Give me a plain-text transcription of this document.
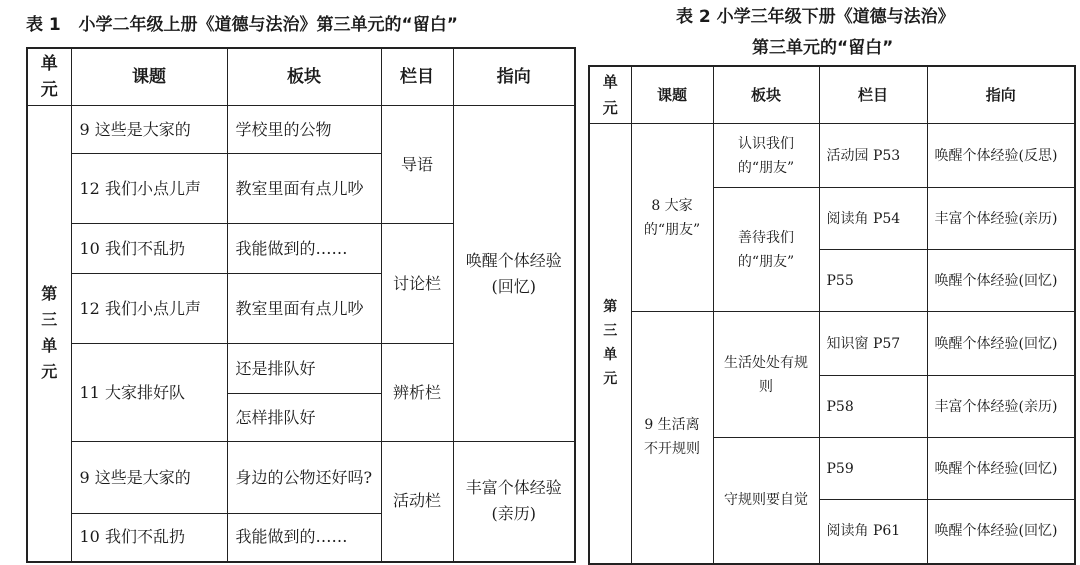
表 1 小学二年级上册《道德与法治》第三单元的“留白”
单元	课题	板块	栏目	指向

第
三
单
元	9 这些是大家的	学校里的公物	导语	唤醒个体经验(回忆)
	12 我们小点儿声	教室里面有点儿吵		
	10 我们不乱扔	我能做到的……	讨论栏	
	12 我们小点儿声	教室里面有点儿吵		
	11 大家排好队	还是排队好	辨析栏	
		怎样排队好		
	9 这些是大家的	身边的公物还好吗?	活动栏	丰富个体经验(亲历)
	10 我们不乱扔	我能做到的……		
表 2 小学三年级下册《道德与法治》
第三单元的“留白”
单元	课题	板块	栏目	指向

第
三
单
元	8 大家的“朋友”	认识我们的“朋友”	活动园 P53	唤醒个体经验(反思)
		善待我们的“朋友”	阅读角 P54	丰富个体经验(亲历)
			P55	唤醒个体经验(回忆)
	9 生活离不开规则	生活处处有规则	知识窗 P57	唤醒个体经验(回忆)
			P58	丰富个体经验(亲历)
		守规则要自觉	P59	唤醒个体经验(回忆)
			阅读角 P61	唤醒个体经验(回忆)
